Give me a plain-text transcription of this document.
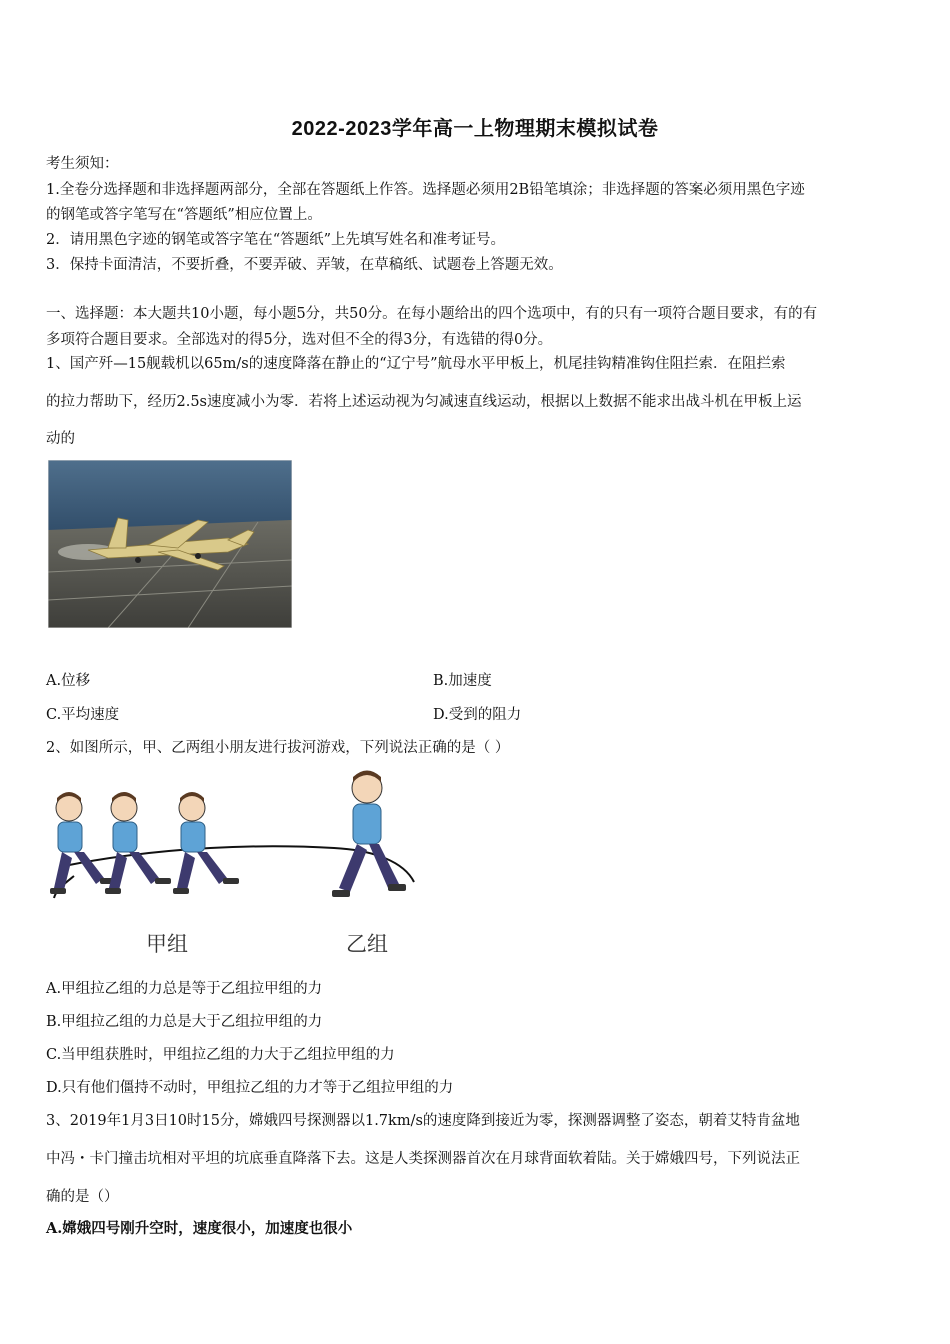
2022-2023学年高一上物理期末模拟试卷
考生须知：
1.全卷分选择题和非选择题两部分，全部在答题纸上作答。选择题必须用2B铅笔填涂；非选择题的答案必须用黑色字迹
的钢笔或答字笔写在“答题纸”相应位置上。
2．请用黑色字迹的钢笔或答字笔在“答题纸”上先填写姓名和准考证号。
3．保持卡面清洁，不要折叠，不要弄破、弄皱，在草稿纸、试题卷上答题无效。
一、选择题：本大题共10小题，每小题5分，共50分。在每小题给出的四个选项中，有的只有一项符合题目要求，有的有
多项符合题目要求。全部选对的得5分，选对但不全的得3分，有选错的得0分。
1、国产歼—15舰载机以65m/s的速度降落在静止的“辽宁号”航母水平甲板上，机尾挂钩精准钩住阻拦索．在阻拦索
的拉力帮助下，经历2.5s速度减小为零．若将上述运动视为匀减速直线运动，根据以上数据不能求出战斗机在甲板上运
动的
A.位移	B.加速度
C.平均速度	D.受到的阻力
2、如图所示，甲、乙两组小朋友进行拔河游戏，下列说法正确的是（ ）
甲组	乙组
A.甲组拉乙组的力总是等于乙组拉甲组的力
B.甲组拉乙组的力总是大于乙组拉甲组的力
C.当甲组获胜时，甲组拉乙组的力大于乙组拉甲组的力
D.只有他们僵持不动时，甲组拉乙组的力才等于乙组拉甲组的力
3、2019年1月3日10时15分，嫦娥四号探测器以1.7km/s的速度降到接近为零，探测器调整了姿态，朝着艾特肯盆地
中冯・卡门撞击坑相对平坦的坑底垂直降落下去。这是人类探测器首次在月球背面软着陆。关于嫦娥四号，下列说法正
确的是（）
A.嫦娥四号刚升空时，速度很小，加速度也很小
